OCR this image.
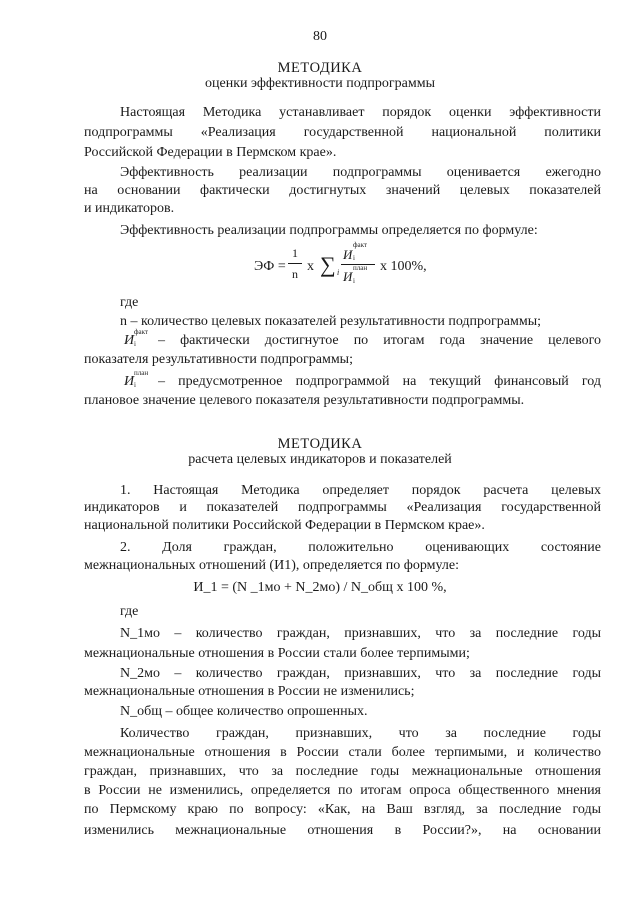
80
МЕТОДИКА
оценки эффективности подпрограммы
Настоящая Методика устанавливает порядок оценки эффективности
подпрограммы «Реализация государственной национальной политики
Российской Федерации в Пермском крае».
Эффективность реализации подпрограммы оценивается ежегодно
на основании фактически достигнутых значений целевых показателей
и индикаторов.
Эффективность реализации подпрограммы определяется по формуле:
ЭФ =
1
n x ∑ i
И
факт
i
И
план
i
x 100%,
где
n – количество целевых показателей результативности подпрограммы;
И
факт
i – фактически достигнутое по итогам года значение целевого
показателя результативности подпрограммы;
И
план
i – предусмотренное подпрограммой на текущий финансовый год
плановое значение целевого показателя результативности подпрограммы.
МЕТОДИКА
расчета целевых индикаторов и показателей
1. Настоящая Методика определяет порядок расчета целевых
индикаторов и показателей подпрограммы «Реализация государственной
национальной политики Российской Федерации в Пермском крае».
2. Доля граждан, положительно оценивающих состояние
межнациональных отношений (И1), определяется по формуле:
И_1 = (N _1мо + N_2мо) / N_общ x 100 %,
где
N_1мо – количество граждан, признавших, что за последние годы
межнациональные отношения в России стали более терпимыми;
N_2мо – количество граждан, признавших, что за последние годы
межнациональные отношения в России не изменились;
N_общ – общее количество опрошенных.
Количество граждан, признавших, что за последние годы
межнациональные отношения в России стали более терпимыми, и количество
граждан, признавших, что за последние годы межнациональные отношения
в России не изменились, определяется по итогам опроса общественного мнения
по Пермскому краю по вопросу: «Как, на Ваш взгляд, за последние годы
изменились межнациональные отношения в России?», на основании
